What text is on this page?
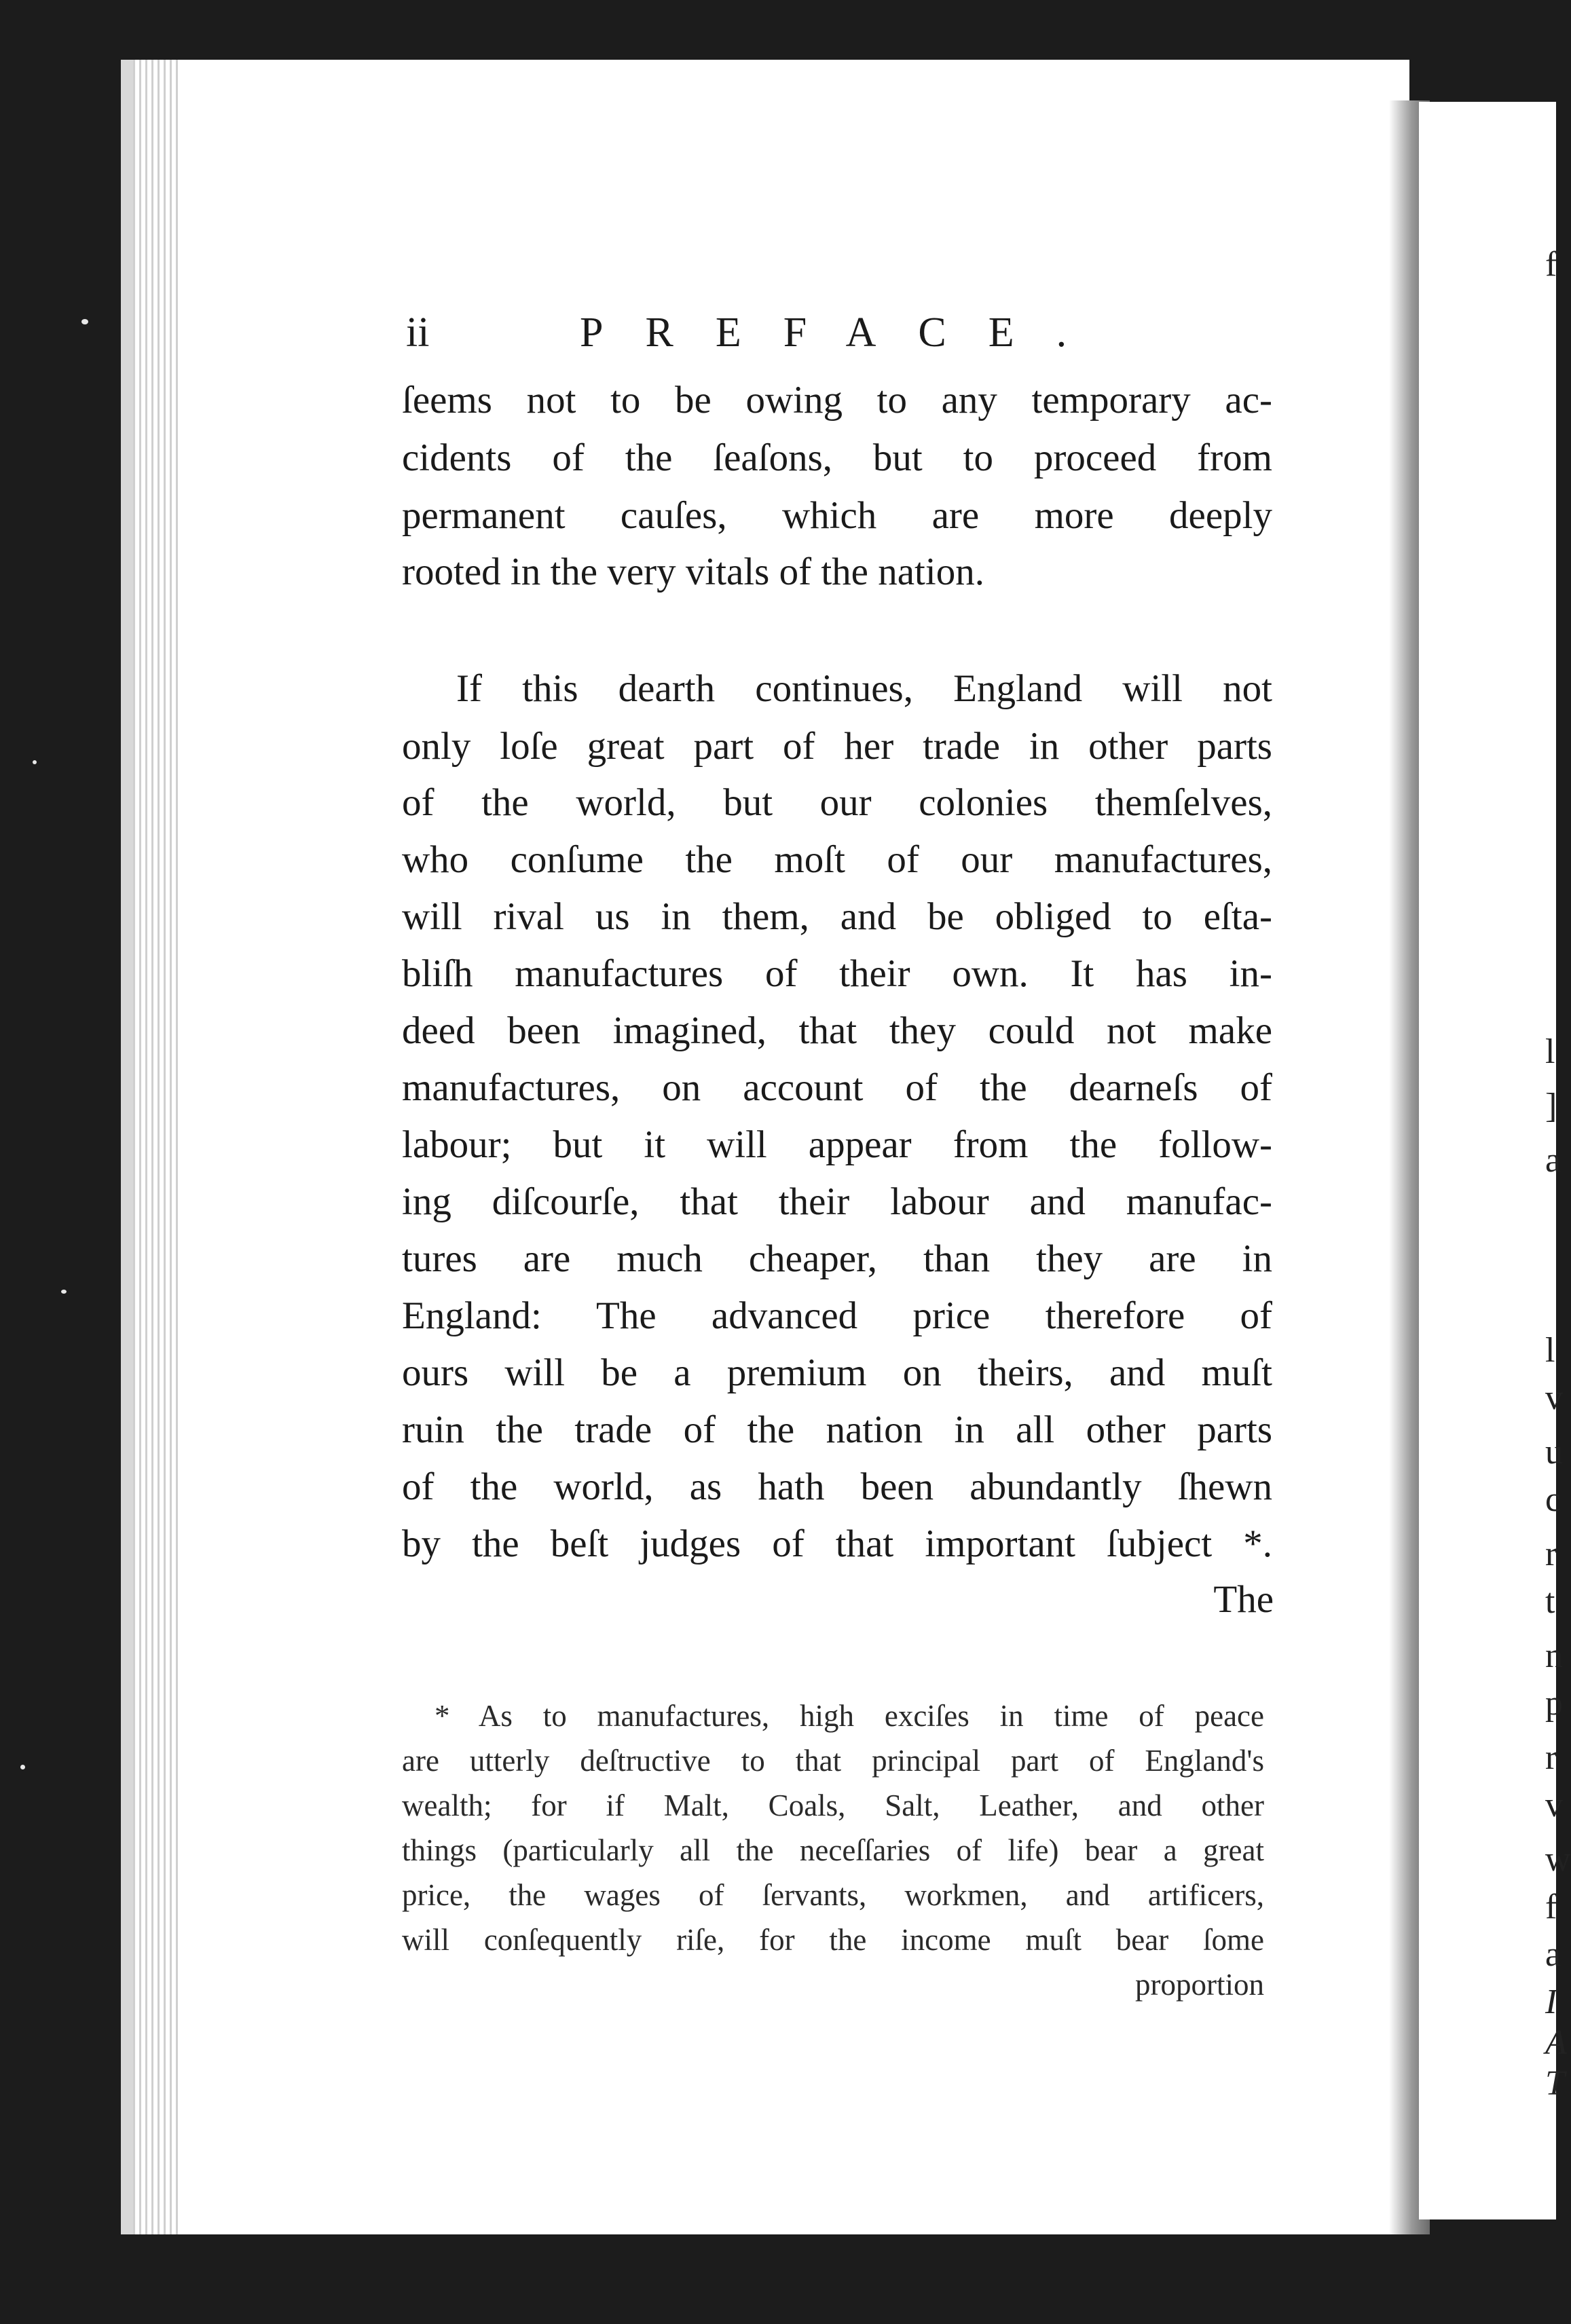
f
l
]
a
l
v
u
c
r
t
n
p
r
v
w
f
a
I
A
T
ii	PREFACE.
ſeems not to be owing to any temporary ac-
cidents of the ſeaſons, but to proceed from
permanent cauſes, which are more deeply
rooted in the very vitals of the nation.
If this dearth continues, England will not
only loſe great part of her trade in other parts
of the world, but our colonies themſelves,
who conſume the moſt of our manufactures,
will rival us in them, and be obliged to eſta-
bliſh manufactures of their own. It has in-
deed been imagined, that they could not make
manufactures, on account of the dearneſs of
labour; but it will appear from the follow-
ing diſcourſe, that their labour and manufac-
tures are much cheaper, than they are in
England: The advanced price therefore of
ours will be a premium on theirs, and muſt
ruin the trade of the nation in all other parts
of the world, as hath been abundantly ſhewn
by the beſt judges of that important ſubject *.
The
* As to manufactures, high exciſes in time of peace
are utterly deſtructive to that principal part of England's
wealth; for if Malt, Coals, Salt, Leather, and other
things (particularly all the neceſſaries of life) bear a great
price, the wages of ſervants, workmen, and artificers,
will conſequently riſe, for the income muſt bear ſome
proportion
